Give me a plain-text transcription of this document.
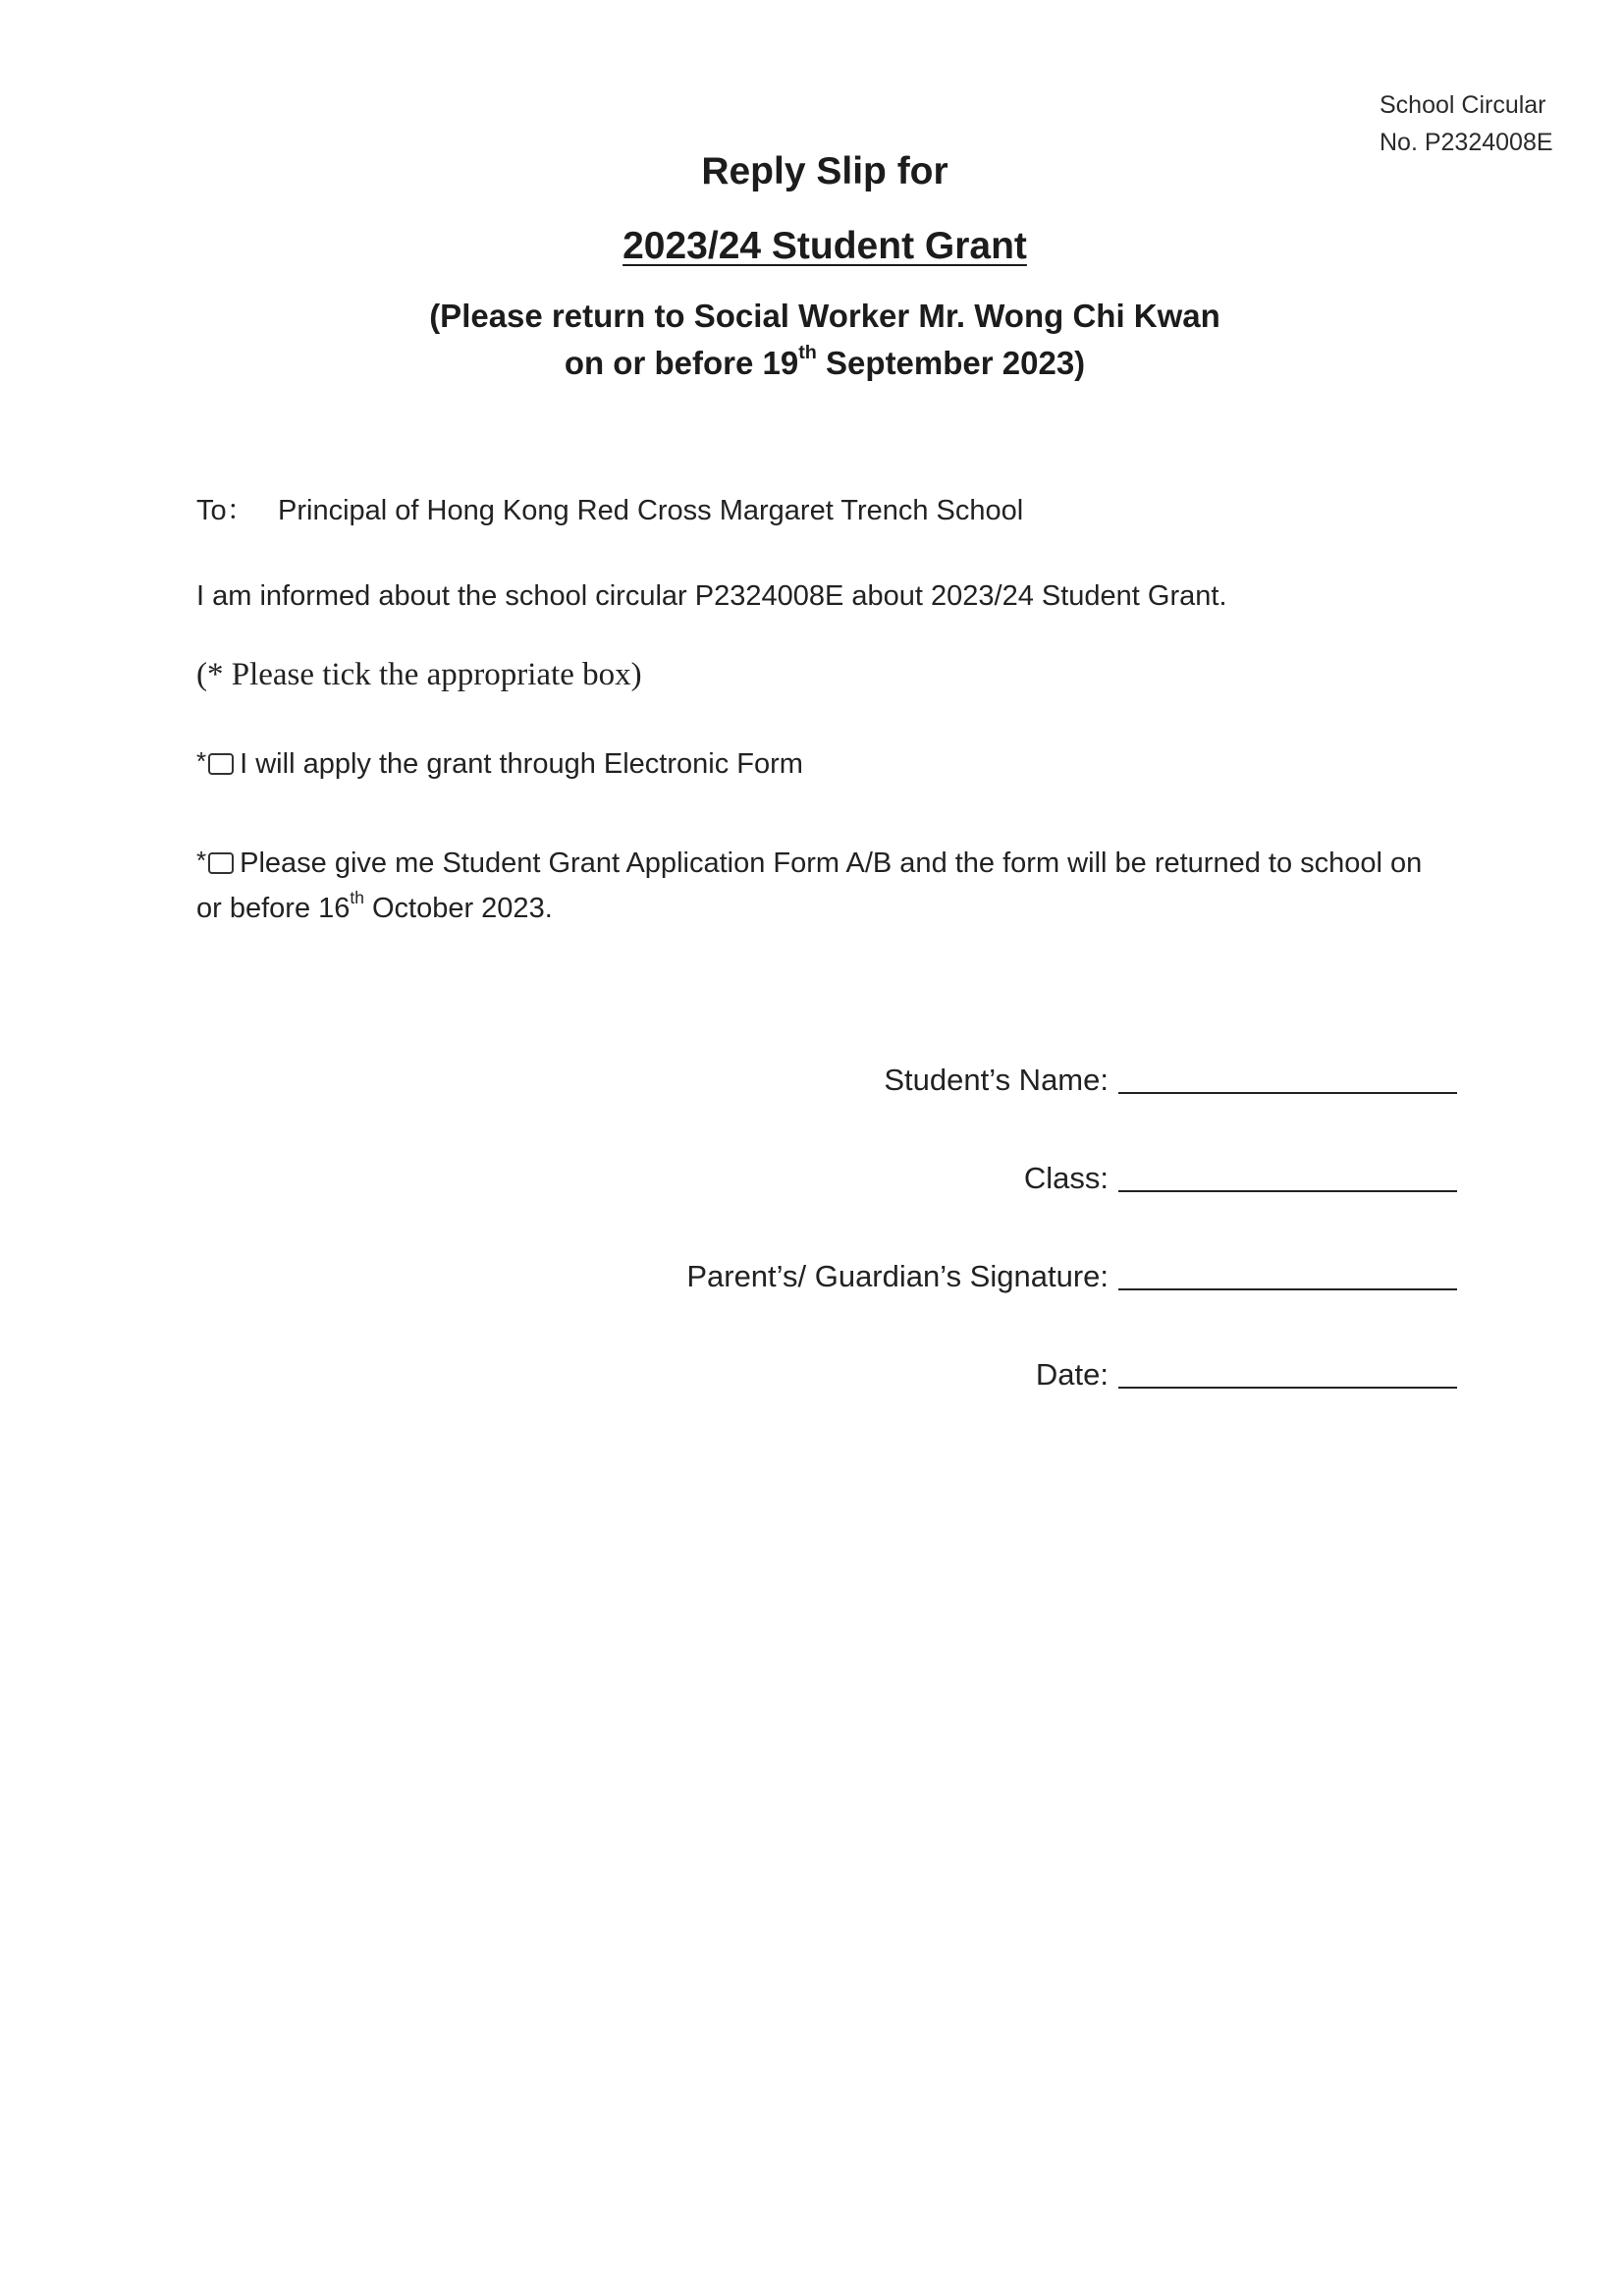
School Circular
No. P2324008E
Reply Slip for
2023/24 Student Grant
(Please return to Social Worker Mr. Wong Chi Kwan
on or before 19th September 2023)
To： Principal of Hong Kong Red Cross Margaret Trench School
I am informed about the school circular P2324008E about 2023/24 Student Grant.
(* Please tick the appropriate box)
* I will apply the grant through Electronic Form
* Please give me Student Grant Application Form A/B and the form will be returned to school on or before 16th October 2023.
Student’s Name:
Class:
Parent’s/ Guardian’s Signature:
Date:
